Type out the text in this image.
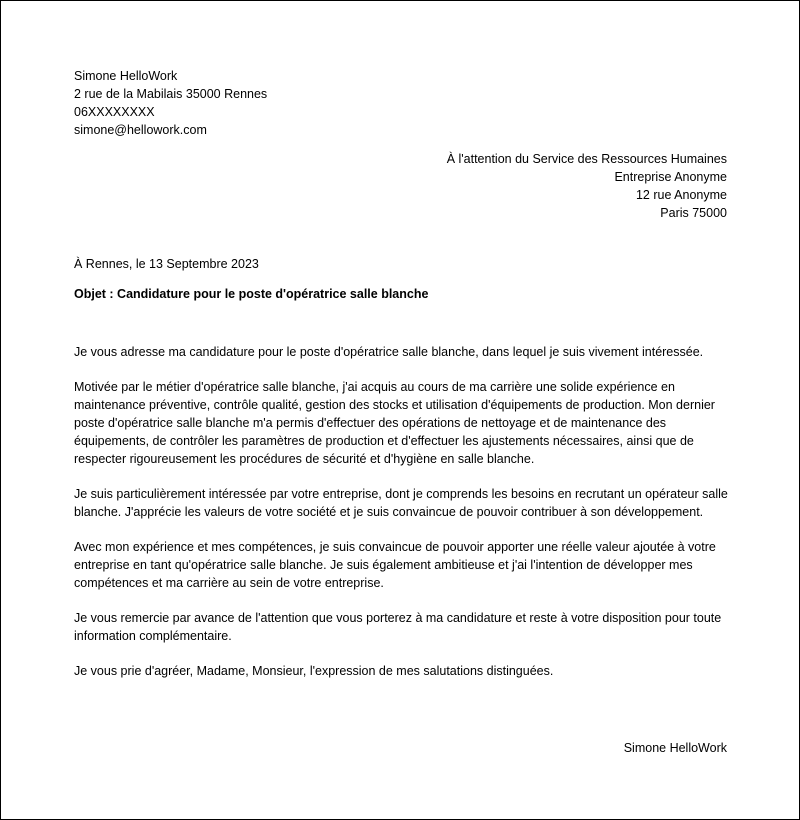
Simone HelloWork
2 rue de la Mabilais 35000 Rennes
06XXXXXXXX
simone@hellowork.com
À l'attention du Service des Ressources Humaines
Entreprise Anonyme
12 rue Anonyme
Paris 75000
À Rennes, le 13 Septembre 2023
Objet : Candidature pour le poste d'opératrice salle blanche

Je vous adresse ma candidature pour le poste d'opératrice salle blanche, dans lequel je suis vivement intéressée.

Motivée par le métier d'opératrice salle blanche, j'ai acquis au cours de ma carrière une solide expérience en maintenance préventive, contrôle qualité, gestion des stocks et utilisation d'équipements de production. Mon dernier poste d'opératrice salle blanche m'a permis d'effectuer des opérations de nettoyage et de maintenance des équipements, de contrôler les paramètres de production et d'effectuer les ajustements nécessaires, ainsi que de respecter rigoureusement les procédures de sécurité et d'hygiène en salle blanche.

Je suis particulièrement intéressée par votre entreprise, dont je comprends les besoins en recrutant un opérateur salle blanche. J'apprécie les valeurs de votre société et je suis convaincue de pouvoir contribuer à son développement.

Avec mon expérience et mes compétences, je suis convaincue de pouvoir apporter une réelle valeur ajoutée à votre entreprise en tant qu'opératrice salle blanche. Je suis également ambitieuse et j'ai l'intention de développer mes compétences et ma carrière au sein de votre entreprise.

Je vous remercie par avance de l'attention que vous porterez à ma candidature et reste à votre disposition pour toute information complémentaire.

Je vous prie d'agréer, Madame, Monsieur, l'expression de mes salutations distinguées.

Simone HelloWork
